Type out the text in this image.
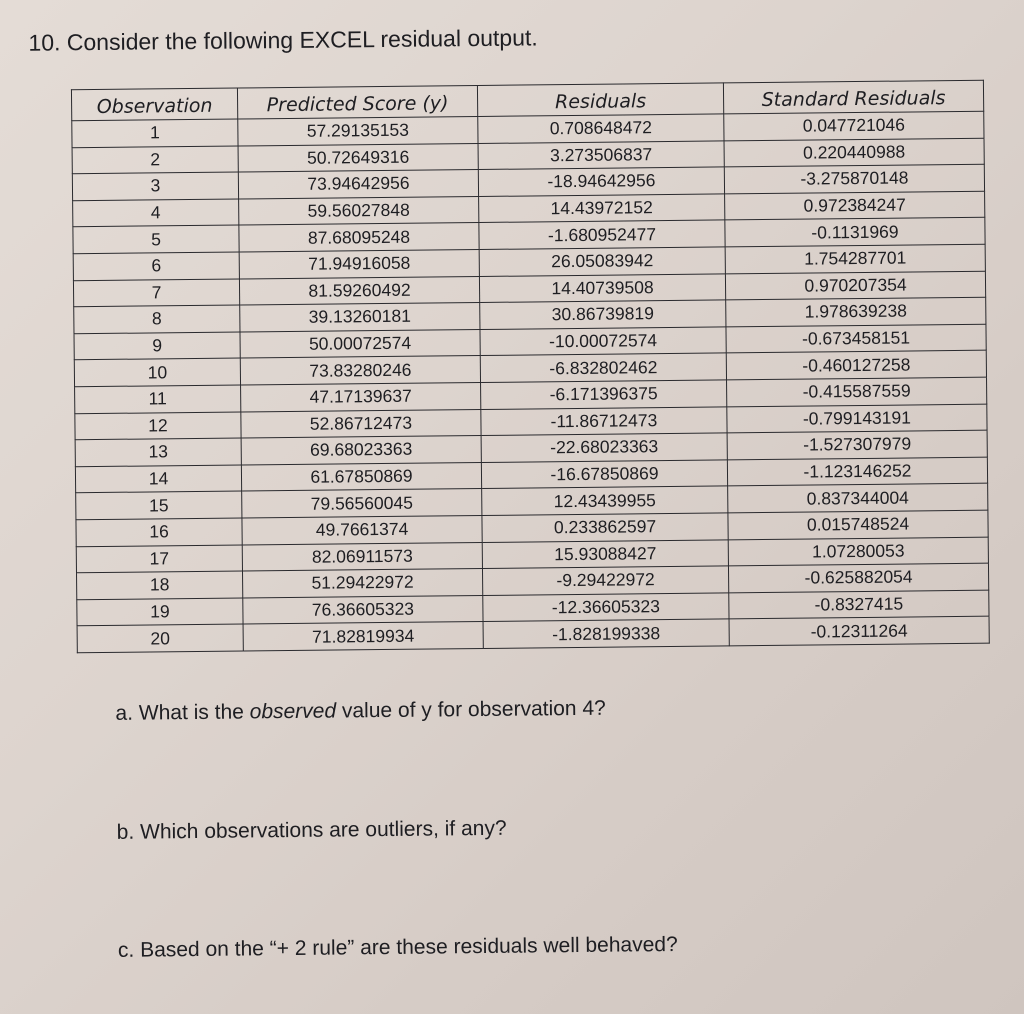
10. Consider the following EXCEL residual output.
Observation	Predicted Score (y)	Residuals	Standard Residuals
1	57.29135153	0.708648472	0.047721046
2	50.72649316	3.273506837	0.220440988
3	73.94642956	-18.94642956	-3.275870148
4	59.56027848	14.43972152	0.972384247
5	87.68095248	-1.680952477	-0.1131969
6	71.94916058	26.05083942	1.754287701
7	81.59260492	14.40739508	0.970207354
8	39.13260181	30.86739819	1.978639238
9	50.00072574	-10.00072574	-0.673458151
10	73.83280246	-6.832802462	-0.460127258
11	47.17139637	-6.171396375	-0.415587559
12	52.86712473	-11.86712473	-0.799143191
13	69.68023363	-22.68023363	-1.527307979
14	61.67850869	-16.67850869	-1.123146252
15	79.56560045	12.43439955	0.837344004
16	49.7661374	0.233862597	0.015748524
17	82.06911573	15.93088427	1.07280053
18	51.29422972	-9.29422972	-0.625882054
19	76.36605323	-12.36605323	-0.8327415
20	71.82819934	-1.828199338	-0.12311264
a. What is the observed value of y for observation 4?
b. Which observations are outliers, if any?
c. Based on the “+ 2 rule” are these residuals well behaved?
